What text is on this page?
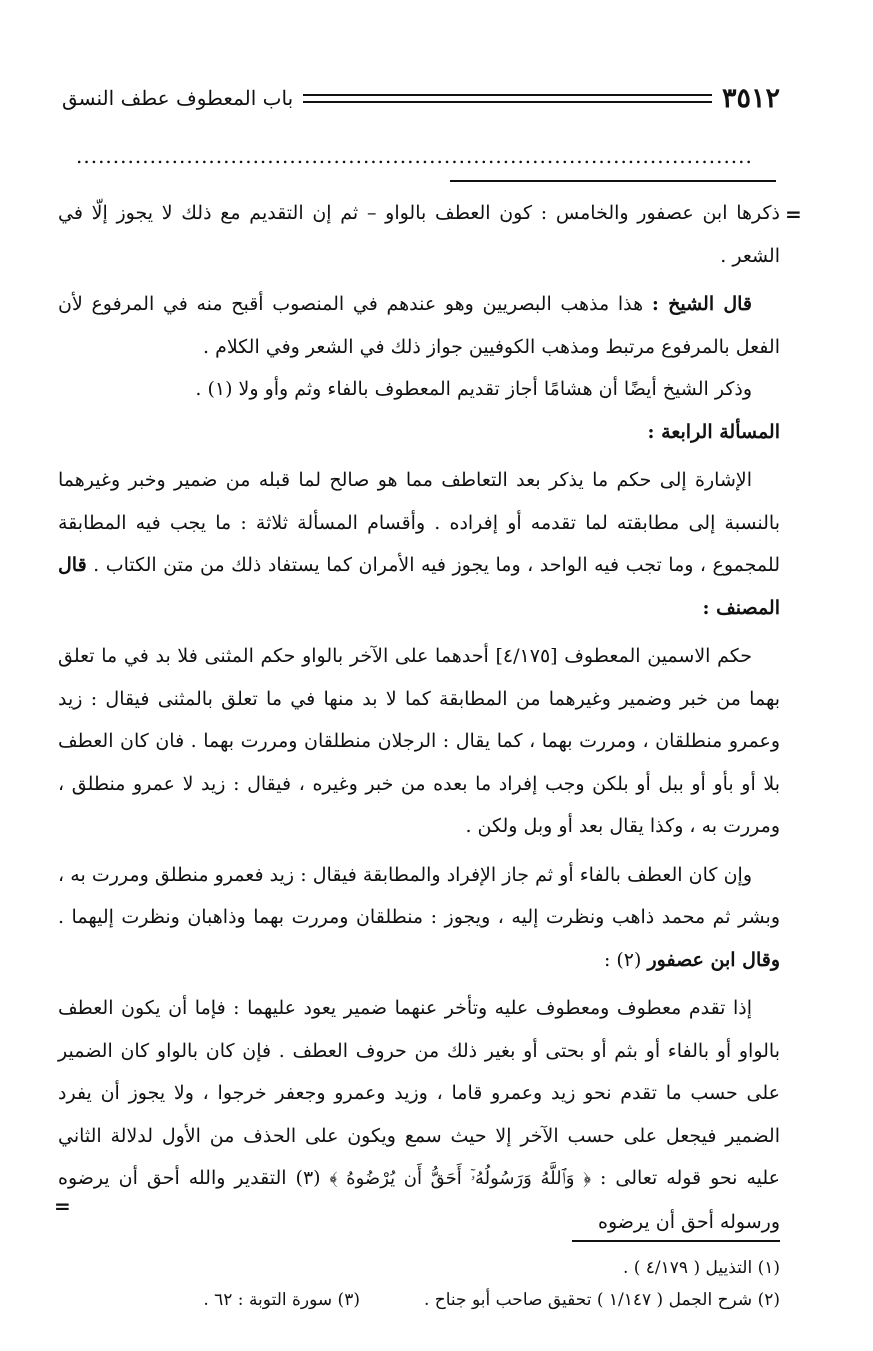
باب المعطوف عطف النسق	٣٥١٢
............................................................................................
=

ذكرها ابن عصفور والخامس : كون العطف بالواو – ثم إن التقديم مع ذلك لا يجوز إلّا في الشعر .

قال الشيخ : هذا مذهب البصريين وهو عندهم في المنصوب أقبح منه في المرفوع لأن الفعل بالمرفوع مرتبط ومذهب الكوفيين جواز ذلك في الشعر وفي الكلام .

وذكر الشيخ أيضًا أن هشامًا أجاز تقديم المعطوف بالفاء وثم وأو ولا (١) .

المسألة الرابعة :

الإشارة إلى حكم ما يذكر بعد التعاطف مما هو صالح لما قبله من ضمير وخبر وغيرهما بالنسبة إلى مطابقته لما تقدمه أو إفراده . وأقسام المسألة ثلاثة : ما يجب فيه المطابقة للمجموع ، وما تجب فيه الواحد ، وما يجوز فيه الأمران كما يستفاد ذلك من متن الكتاب . قال المصنف :

حكم الاسمين المعطوف [٤/١٧٥] أحدهما على الآخر بالواو حكم المثنى فلا بد في ما تعلق بهما من خبر وضمير وغيرهما من المطابقة كما لا بد منها في ما تعلق بالمثنى فيقال : زيد وعمرو منطلقان ، ومررت بهما ، كما يقال : الرجلان منطلقان ومررت بهما . فان كان العطف بلا أو بأو أو ببل أو بلكن وجب إفراد ما بعده من خبر وغيره ، فيقال : زيد لا عمرو منطلق ، ومررت به ، وكذا يقال بعد أو وبل ولكن .

وإن كان العطف بالفاء أو ثم جاز الإفراد والمطابقة فيقال : زيد فعمرو منطلق ومررت به ، وبشر ثم محمد ذاهب ونظرت إليه ، ويجوز : منطلقان ومررت بهما وذاهبان ونظرت إليهما . وقال ابن عصفور (٢) :

إذا تقدم معطوف ومعطوف عليه وتأخر عنهما ضمير يعود عليهما : فإما أن يكون العطف بالواو أو بالفاء أو بثم أو بحتى أو بغير ذلك من حروف العطف . فإن كان بالواو كان الضمير على حسب ما تقدم نحو زيد وعمرو قاما ، وزيد وعمرو وجعفر خرجوا ، ولا يجوز أن يفرد الضمير فيجعل على حسب الآخر إلا حيث سمع ويكون على الحذف من الأول لدلالة الثاني عليه نحو قوله تعالى : ﴿ وَٱللَّهُ وَرَسُولُهُۥٓ أَحَقُّ أَن يُرْضُوهُ ﴾ (٣) التقدير والله أحق أن يرضوه ورسوله أحق أن يرضوه

=
(١) التذييل ( ٤/١٧٩ ) .
(٢) شرح الجمل ( ١/١٤٧ ) تحقيق صاحب أبو جناح .
(٣) سورة التوبة : ٦٢ .
